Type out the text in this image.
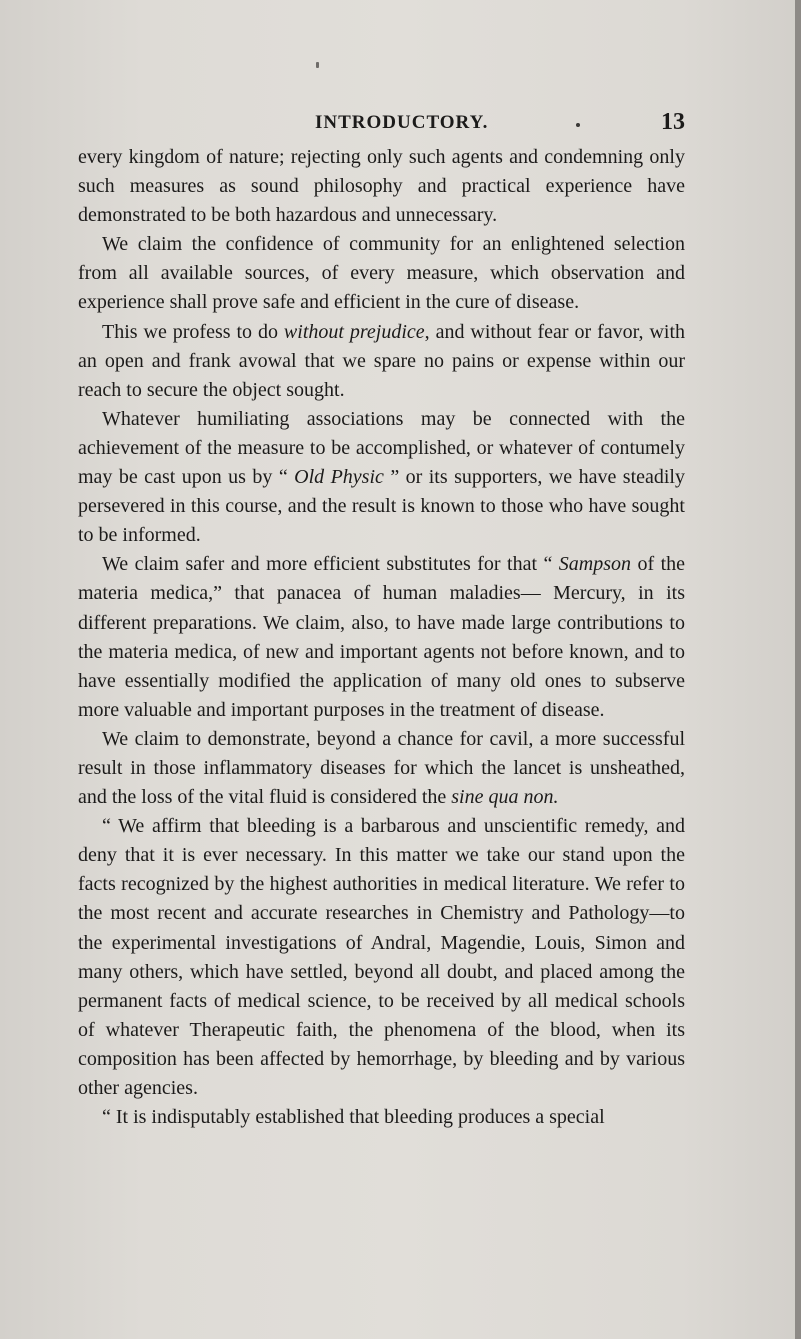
INTRODUCTORY.	13

every kingdom of nature; rejecting only such agents and condemning only such measures as sound philosophy and practical experience have demonstrated to be both hazardous and unnecessary.

We claim the confidence of community for an enlightened selection from all available sources, of every measure, which observation and experience shall prove safe and efficient in the cure of disease.

This we profess to do without prejudice, and without fear or favor, with an open and frank avowal that we spare no pains or expense within our reach to secure the object sought.

Whatever humiliating associations may be connected with the achievement of the measure to be accomplished, or whatever of contumely may be cast upon us by “ Old Physic ” or its supporters, we have steadily persevered in this course, and the result is known to those who have sought to be informed.

We claim safer and more efficient substitutes for that “ Sampson of the materia medica,” that panacea of human maladies— Mercury, in its different preparations. We claim, also, to have made large contributions to the materia medica, of new and important agents not before known, and to have essentially modified the application of many old ones to subserve more valuable and important purposes in the treatment of disease.

We claim to demonstrate, beyond a chance for cavil, a more successful result in those inflammatory diseases for which the lancet is unsheathed, and the loss of the vital fluid is considered the sine qua non.

“ We affirm that bleeding is a barbarous and unscientific remedy, and deny that it is ever necessary. In this matter we take our stand upon the facts recognized by the highest authorities in medical literature. We refer to the most recent and accurate researches in Chemistry and Pathology—to the experimental investigations of Andral, Magendie, Louis, Simon and many others, which have settled, beyond all doubt, and placed among the permanent facts of medical science, to be received by all medical schools of whatever Therapeutic faith, the phenomena of the blood, when its composition has been affected by hemorrhage, by bleeding and by various other agencies.

“ It is indisputably established that bleeding produces a special
